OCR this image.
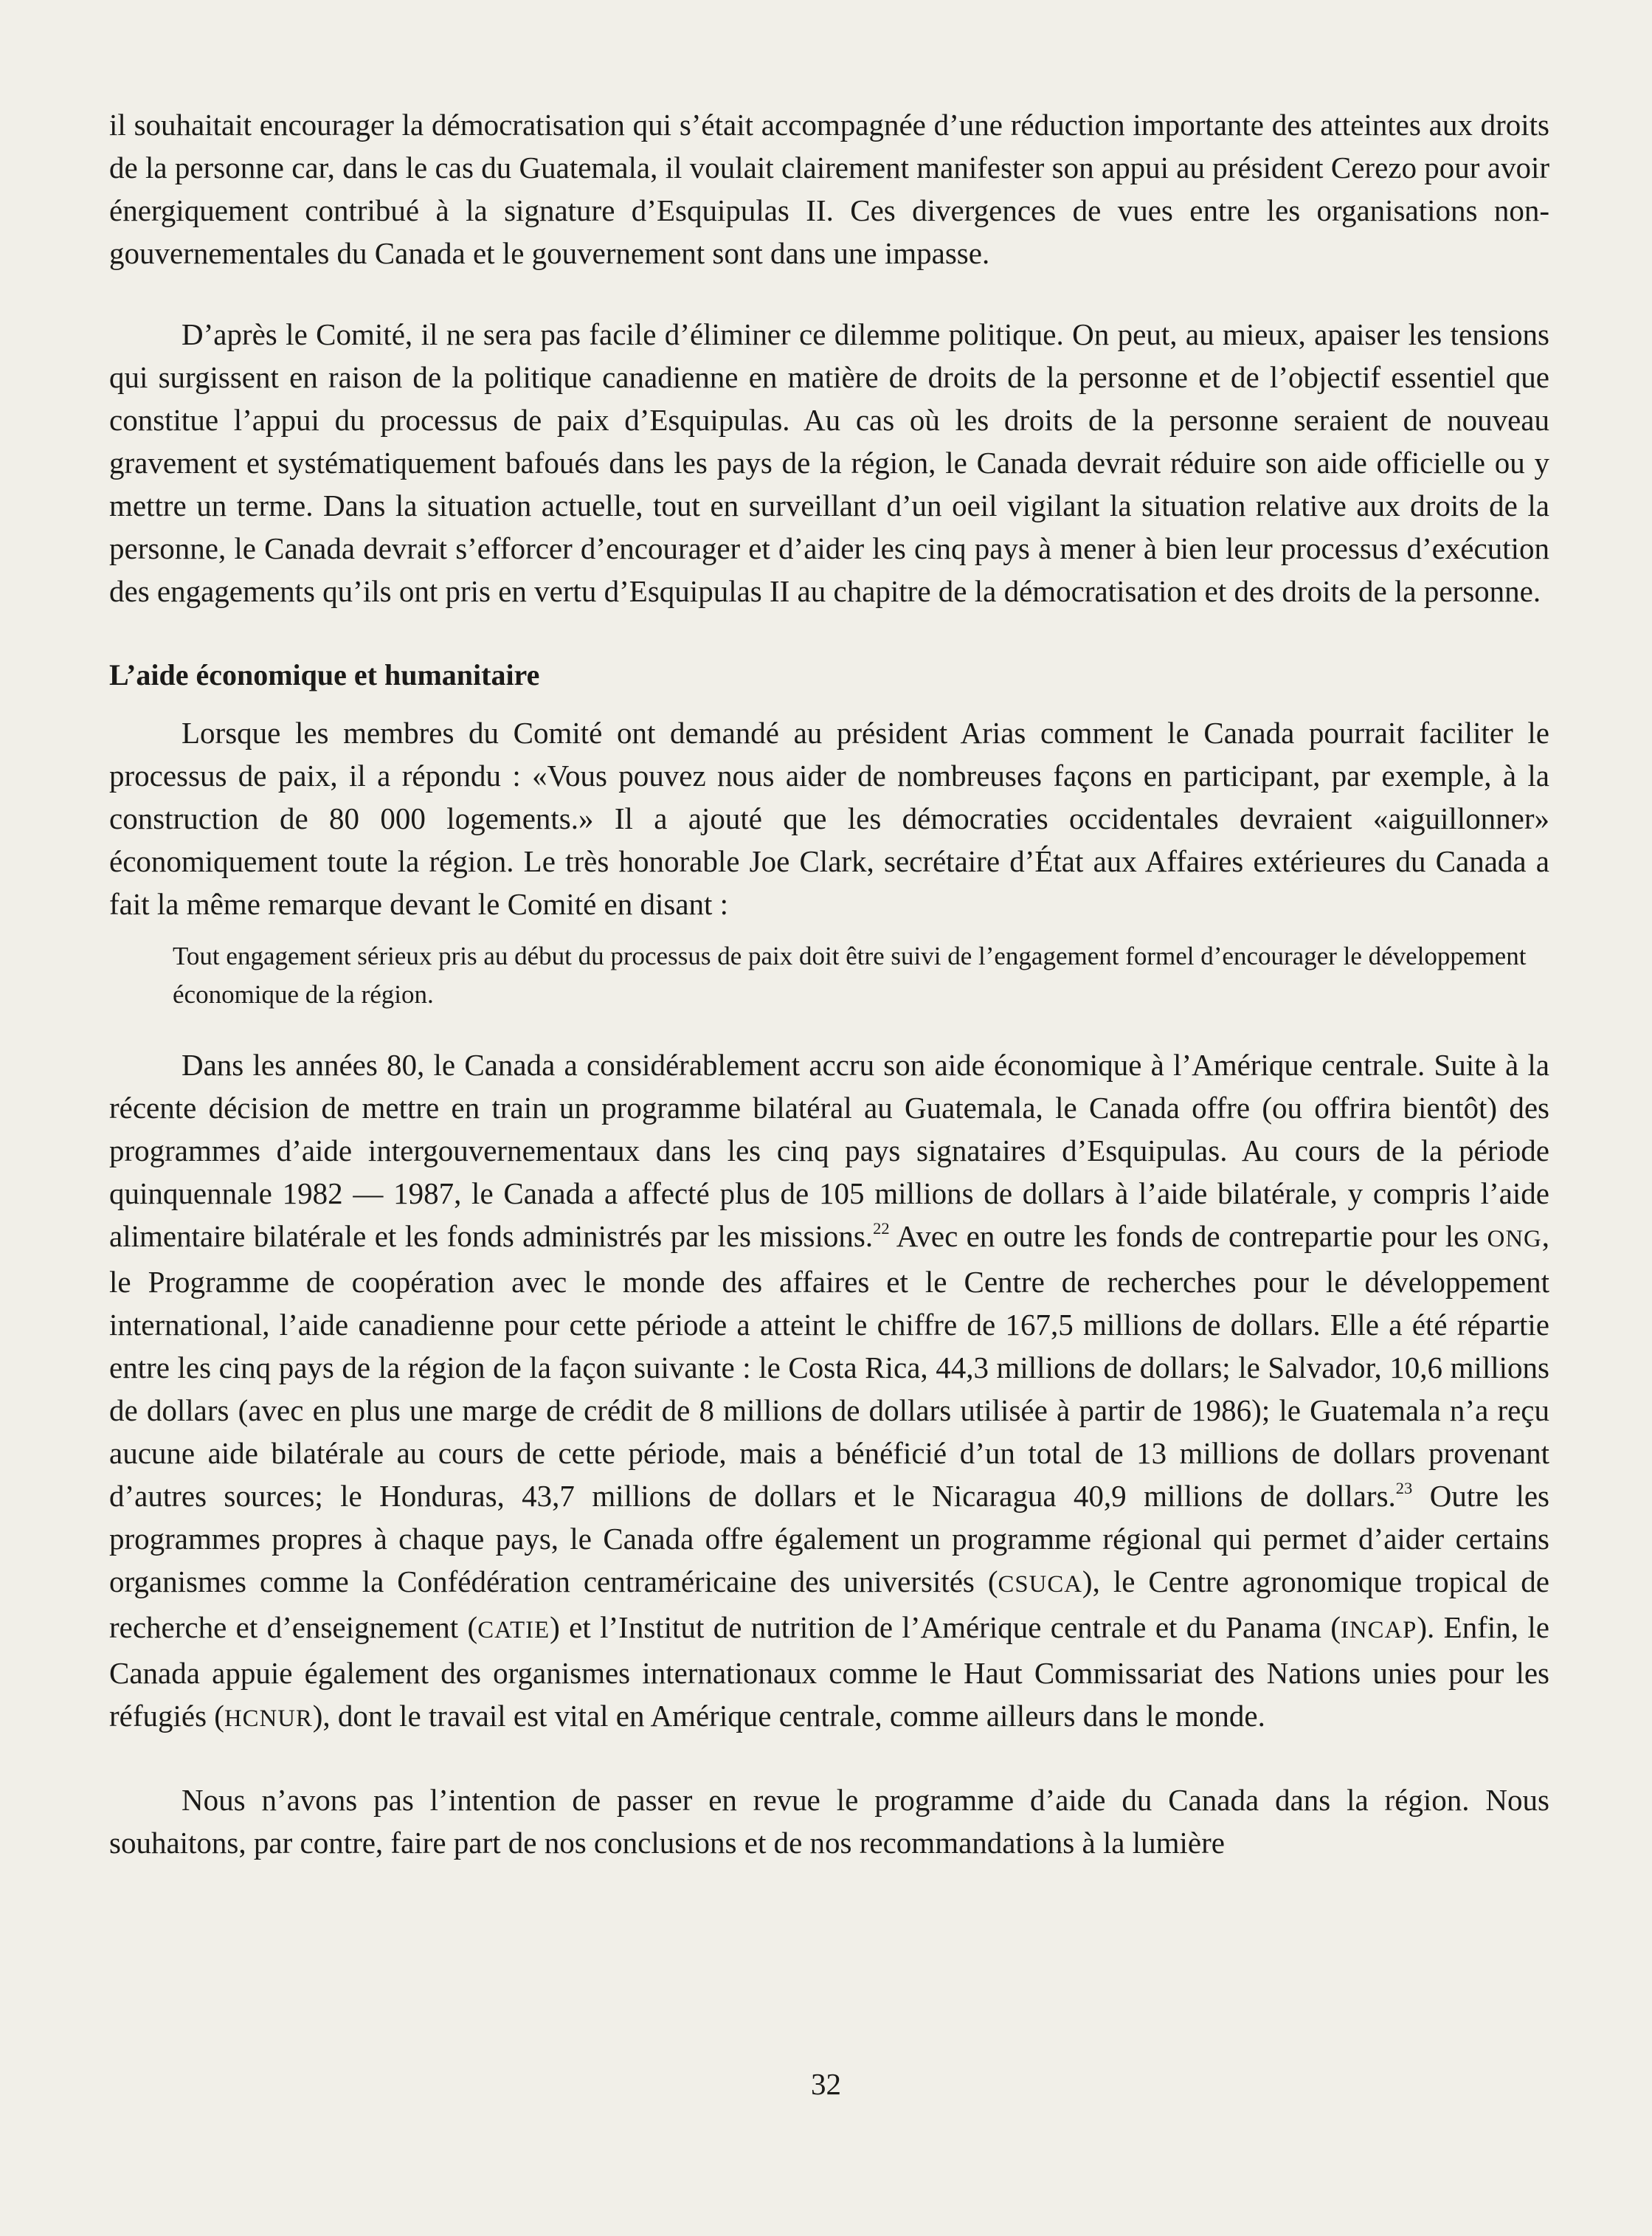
il souhaitait encourager la démocratisation qui s’était accompagnée d’une réduction importante des atteintes aux droits de la personne car, dans le cas du Guatemala, il voulait clairement manifester son appui au président Cerezo pour avoir énergiquement contribué à la signature d’Esquipulas II. Ces divergences de vues entre les organisations non-gouvernementales du Canada et le gouvernement sont dans une impasse.

D’après le Comité, il ne sera pas facile d’éliminer ce dilemme politique. On peut, au mieux, apaiser les tensions qui surgissent en raison de la politique canadienne en matière de droits de la personne et de l’objectif essentiel que constitue l’appui du processus de paix d’Esquipulas. Au cas où les droits de la personne seraient de nouveau gravement et systématiquement bafoués dans les pays de la région, le Canada devrait réduire son aide officielle ou y mettre un terme. Dans la situation actuelle, tout en surveillant d’un oeil vigilant la situation relative aux droits de la personne, le Canada devrait s’efforcer d’encourager et d’aider les cinq pays à mener à bien leur processus d’exécution des engagements qu’ils ont pris en vertu d’Esquipulas II au chapitre de la démocratisation et des droits de la personne.

L’aide économique et humanitaire

Lorsque les membres du Comité ont demandé au président Arias comment le Canada pourrait faciliter le processus de paix, il a répondu : «Vous pouvez nous aider de nombreuses façons en participant, par exemple, à la construction de 80 000 logements.» Il a ajouté que les démocraties occidentales devraient «aiguillonner» économiquement toute la région. Le très honorable Joe Clark, secrétaire d’État aux Affaires extérieures du Canada a fait la même remarque devant le Comité en disant :

Tout engagement sérieux pris au début du processus de paix doit être suivi de l’engagement formel d’encourager le développement économique de la région.

Dans les années 80, le Canada a considérablement accru son aide économique à l’Amérique centrale. Suite à la récente décision de mettre en train un programme bilatéral au Guatemala, le Canada offre (ou offrira bientôt) des programmes d’aide intergouvernementaux dans les cinq pays signataires d’Esquipulas. Au cours de la période quinquennale 1982 — 1987, le Canada a affecté plus de 105 millions de dollars à l’aide bilatérale, y compris l’aide alimentaire bilatérale et les fonds administrés par les missions.$^{22}$ Avec en outre les fonds de contrepartie pour les ONG, le Programme de coopération avec le monde des affaires et le Centre de recherches pour le développement international, l’aide canadienne pour cette période a atteint le chiffre de 167,5 millions de dollars. Elle a été répartie entre les cinq pays de la région de la façon suivante : le Costa Rica, 44,3 millions de dollars; le Salvador, 10,6 millions de dollars (avec en plus une marge de crédit de 8 millions de dollars utilisée à partir de 1986); le Guatemala n’a reçu aucune aide bilatérale au cours de cette période, mais a bénéficié d’un total de 13 millions de dollars provenant d’autres sources; le Honduras, 43,7 millions de dollars et le Nicaragua 40,9 millions de dollars.$^{23}$ Outre les programmes propres à chaque pays, le Canada offre également un programme régional qui permet d’aider certains organismes comme la Confédération centraméricaine des universités (CSUCA), le Centre agronomique tropical de recherche et d’enseignement (CATIE) et l’Institut de nutrition de l’Amérique centrale et du Panama (INCAP). Enfin, le Canada appuie également des organismes internationaux comme le Haut Commissariat des Nations unies pour les réfugiés (HCNUR), dont le travail est vital en Amérique centrale, comme ailleurs dans le monde.

Nous n’avons pas l’intention de passer en revue le programme d’aide du Canada dans la région. Nous souhaitons, par contre, faire part de nos conclusions et de nos recommandations à la lumière

32
